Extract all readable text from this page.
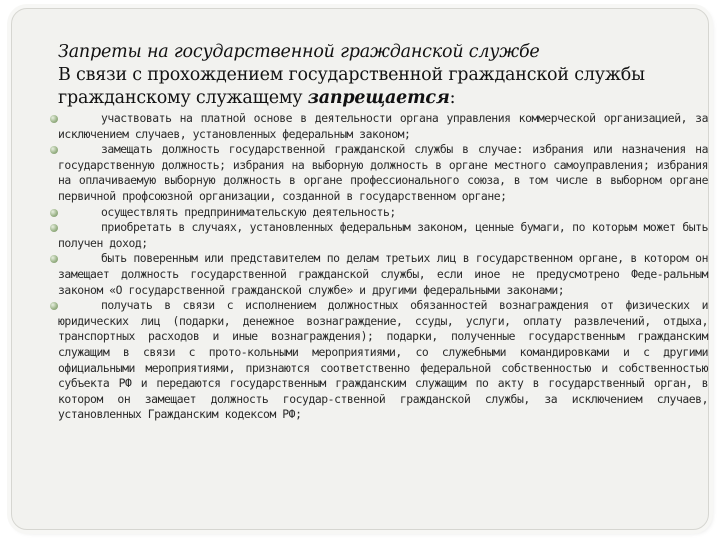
Запреты на государственной гражданской службе

В связи с прохождением государственной гражданской службы гражданскому служащему запрещается:

участвовать на платной основе в деятельности органа управления коммерческой организацией, за исключением случаев, установленных федеральным законом;
замещать должность государственной гражданской службы в случае: избрания или назначения на государственную должность; избрания на выборную должность в органе местного самоуправления; избрания на оплачиваемую выборную должность в органе профессионального союза, в том числе в выборном органе первичной профсоюзной организации, созданной в государственном органе;
осуществлять предпринимательскую деятельность;
приобретать в случаях, установленных федеральным законом, ценные бумаги, по которым может быть получен доход;
быть поверенным или представителем по делам третьих лиц в государственном органе, в котором он замещает должность государственной гражданской службы, если иное не предусмотрено Феде-ральным законом «О государственной гражданской службе» и другими федеральными законами;
получать в связи с исполнением должностных обязанностей вознаграждения от физических и юридических лиц (подарки, денежное вознаграждение, ссуды, услуги, оплату развлечений, отдыха, транспортных расходов и иные вознаграждения); подарки, полученные государственным гражданским служащим в связи с прото-кольными мероприятиями, со служебными командировками и с другими официальными мероприятиями, признаются соответственно федеральной собственностью и собственностью субъекта РФ и передаются государственным гражданским служащим по акту в государственный орган, в котором он замещает должность государ-ственной гражданской службы, за исключением случаев, установленных Гражданским кодексом РФ;
